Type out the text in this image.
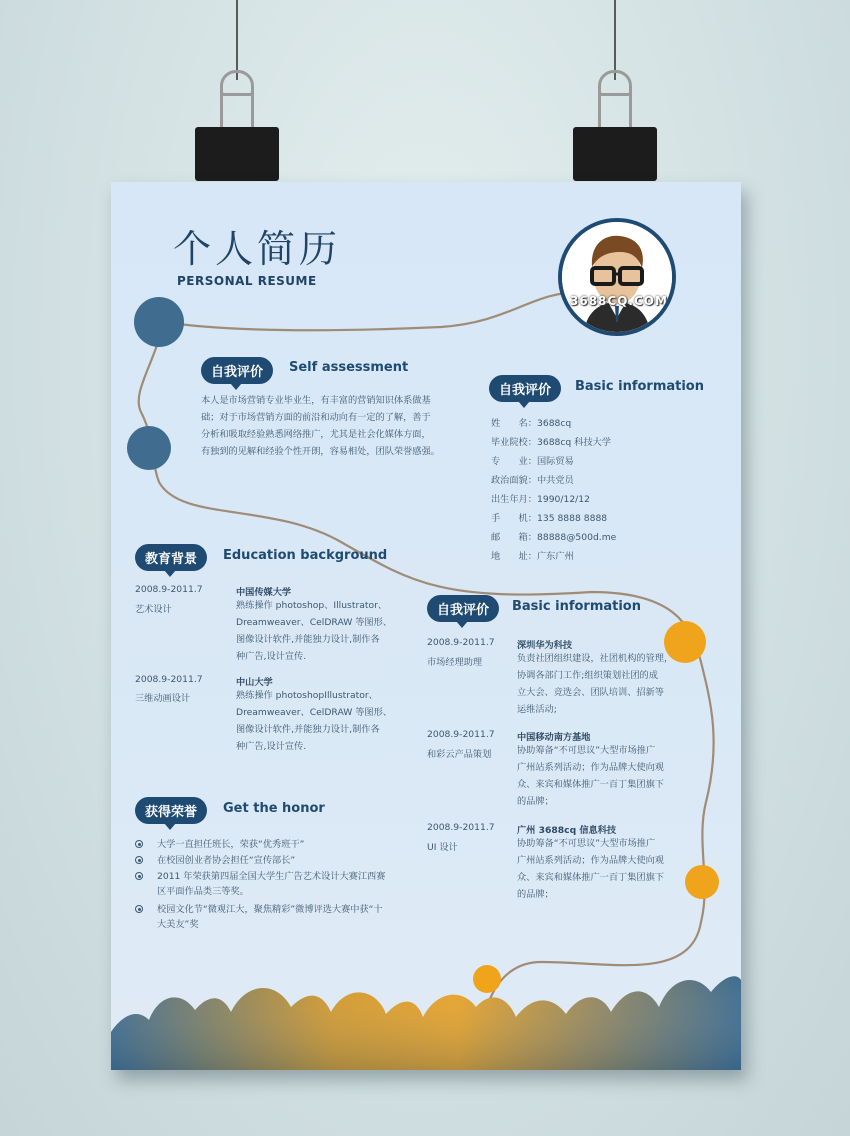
个人简历
PERSONAL RESUME
3688CQ.COM
自我评价	Self assessment
本人是市场营销专业毕业生，有丰富的营销知识体系做基
础；对于市场营销方面的前沿和动向有一定的了解，善于
分析和吸取经验熟悉网络推广，尤其是社会化媒体方面，
有独到的见解和经验个性开朗，容易相处，团队荣誉感强。
自我评价	Basic information
姓　　名：3688cq
毕业院校：3688cq 科技大学
专　　业：国际贸易
政治面貌：中共党员
出生年月：1990/12/12
手　　机：135 8888 8888
邮　　箱：88888@500d.me
地　　址：广东广州
教育背景	Education background
2008.9-2011.7
艺术设计
中国传媒大学
熟练操作 photoshop、Illustrator、
Dreamweaver、CelDRAW 等图形、
图像设计软件,并能独力设计,制作各
种广告,设计宣传.
2008.9-2011.7
三维动画设计
中山大学
熟练操作 photoshopIllustrator、
Dreamweaver、CelDRAW 等图形、
图像设计软件,并能独力设计,制作各
种广告,设计宣传.
自我评价	Basic information
2008.9-2011.7
市场经理助理
深圳华为科技
负责社团组织建设，社团机构的管理，
协调各部门工作;组织策划社团的成
立大会、竞选会、团队培训、招新等
运维活动;
2008.9-2011.7
和彩云产品策划
中国移动南方基地
协助筹备“不可思议”大型市场推广
广州站系列活动；作为品牌大使向观
众、来宾和媒体推广一百丁集团旗下
的品牌；
2008.9-2011.7
UI 设计
广州 3688cq 信息科技
协助筹备“不可思议”大型市场推广
广州站系列活动；作为品牌大使向观
众、来宾和媒体推广一百丁集团旗下
的品牌；
获得荣誉	Get the honor
大学一直担任班长，荣获“优秀班干”
在校园创业者协会担任“宣传部长”
2011 年荣获第四届全国大学生广告艺术设计大赛江西赛
区平面作品类三等奖。
校园文化节“微观江大，聚焦精彩”微博评选大赛中获“十
大美友”奖
